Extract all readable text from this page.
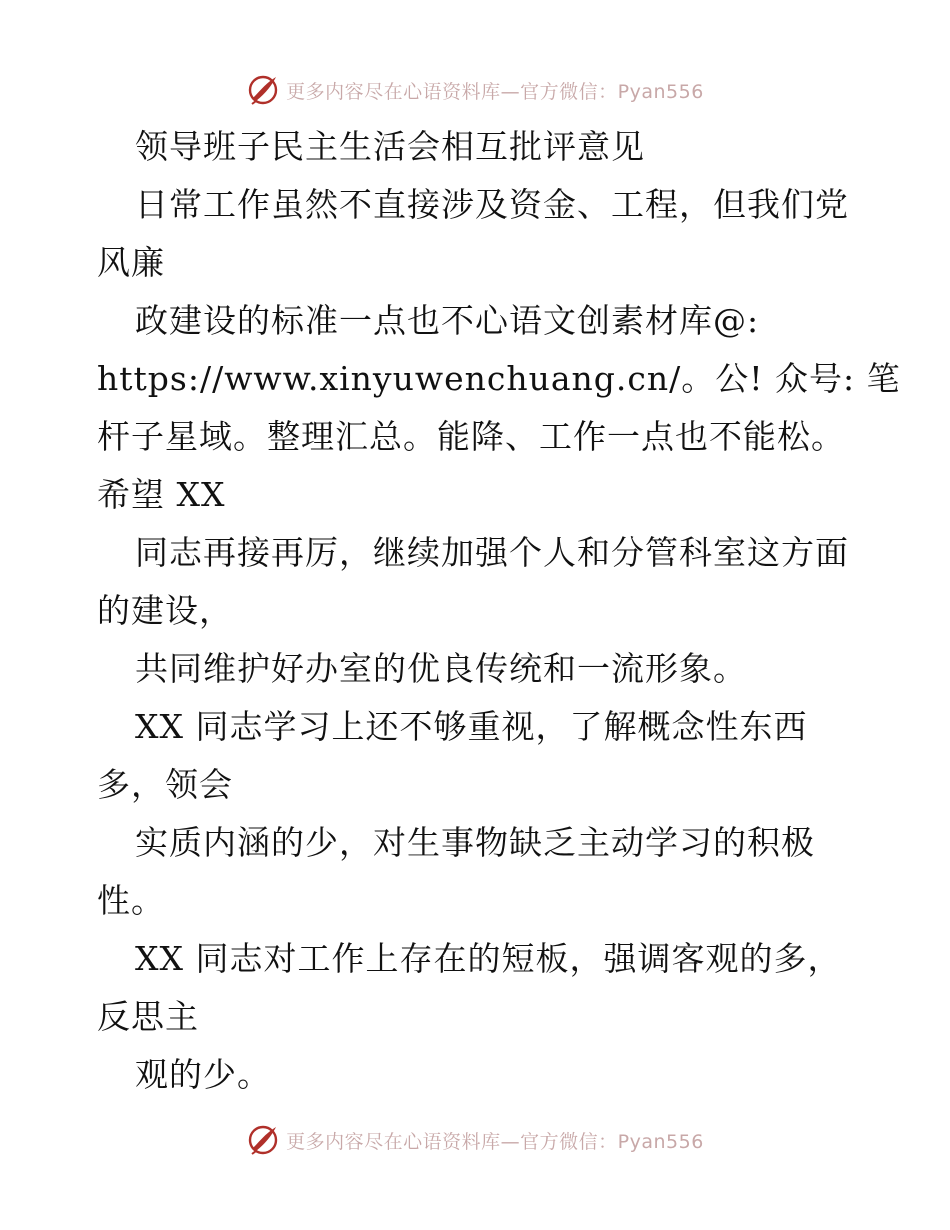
更多内容尽在心语资料库—官方微信：Pyan556
领导班子民主生活会相互批评意见
日常工作虽然不直接涉及资金、工程，但我们党
风廉
政建设的标准一点也不心语文创素材库@:
https://www.xinyuwenchuang.cn/。公! 众号: 笔
杆子星域。整理汇总。能降、工作一点也不能松。
希望 XX
同志再接再厉，继续加强个人和分管科室这方面
的建设，
共同维护好办室的优良传统和一流形象。
XX 同志学习上还不够重视，了解概念性东西
多，领会
实质内涵的少，对生事物缺乏主动学习的积极
性。
XX 同志对工作上存在的短板，强调客观的多，
反思主
观的少。
更多内容尽在心语资料库—官方微信：Pyan556
